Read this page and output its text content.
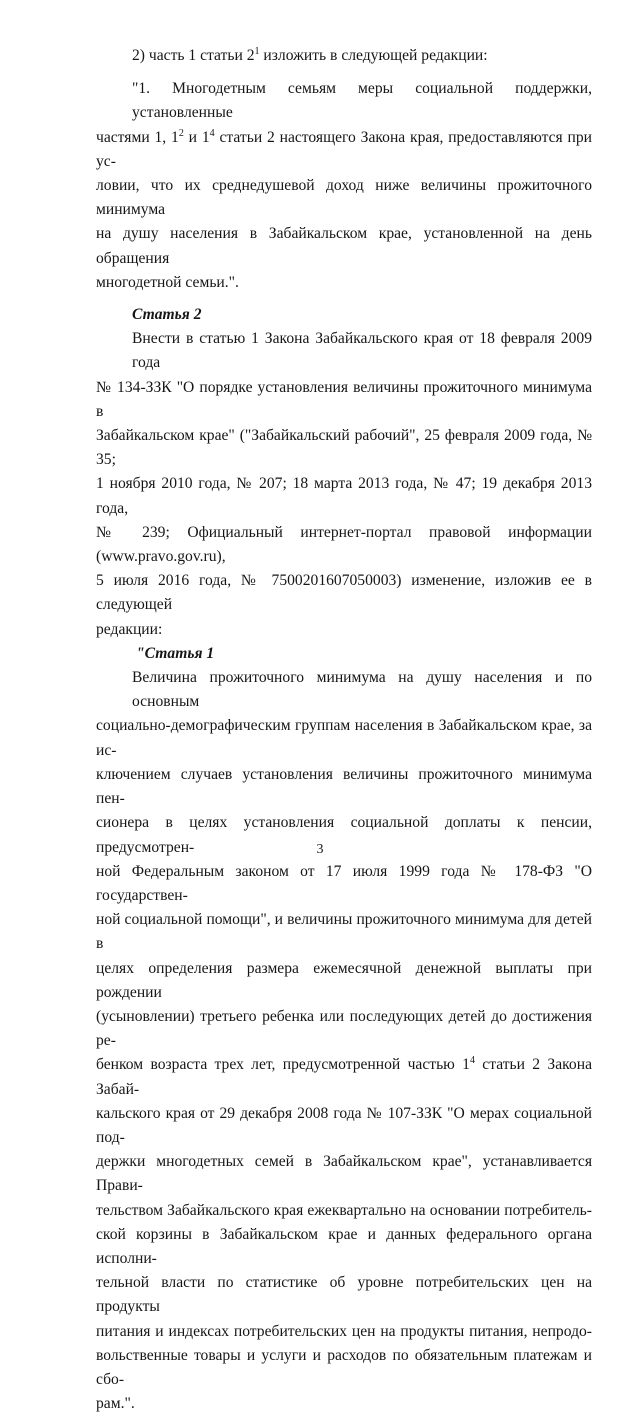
2) часть 1 статьи $2^1$ изложить в следующей редакции:

"1. Многодетным семьям меры социальной поддержки, установленные
частями 1, $1^2$ и $1^4$ статьи 2 настоящего Закона края, предоставляются при ус-
ловии, что их среднедушевой доход ниже величины прожиточного минимума
на душу населения в Забайкальском крае, установленной на день обращения
многодетной семьи.".

Статья 2

Внести в статью 1 Закона Забайкальского края от 18 февраля 2009 года
№ 134-ЗЗК "О порядке установления величины прожиточного минимума в
Забайкальском крае" ("Забайкальский рабочий", 25 февраля 2009 года, № 35;
1 ноября 2010 года, № 207; 18 марта 2013 года, № 47; 19 декабря 2013 года,
№ 239; Официальный интернет-портал правовой информации (www.pravo.gov.ru),
5 июля 2016 года, № 7500201607050003) изменение, изложив ее в следующей
редакции:

"Статья 1

Величина прожиточного минимума на душу населения и по основным
социально-демографическим группам населения в Забайкальском крае, за ис-
ключением случаев установления величины прожиточного минимума пен-
сионера в целях установления социальной доплаты к пенсии, предусмотрен-
ной Федеральным законом от 17 июля 1999 года № 178-ФЗ "О государствен-
ной социальной помощи", и величины прожиточного минимума для детей в
целях определения размера ежемесячной денежной выплаты при рождении
(усыновлении) третьего ребенка или последующих детей до достижения ре-
бенком возраста трех лет, предусмотренной частью $1^4$ статьи 2 Закона Забай-
кальского края от 29 декабря 2008 года № 107-ЗЗК "О мерах социальной под-
держки многодетных семей в Забайкальском крае", устанавливается Прави-
тельством Забайкальского края ежеквартально на основании потребитель-
ской корзины в Забайкальском крае и данных федерального органа исполни-
тельной власти по статистике об уровне потребительских цен на продукты
питания и индексах потребительских цен на продукты питания, непродо-
вольственные товары и услуги и расходов по обязательным платежам и сбо-
рам.".

3
